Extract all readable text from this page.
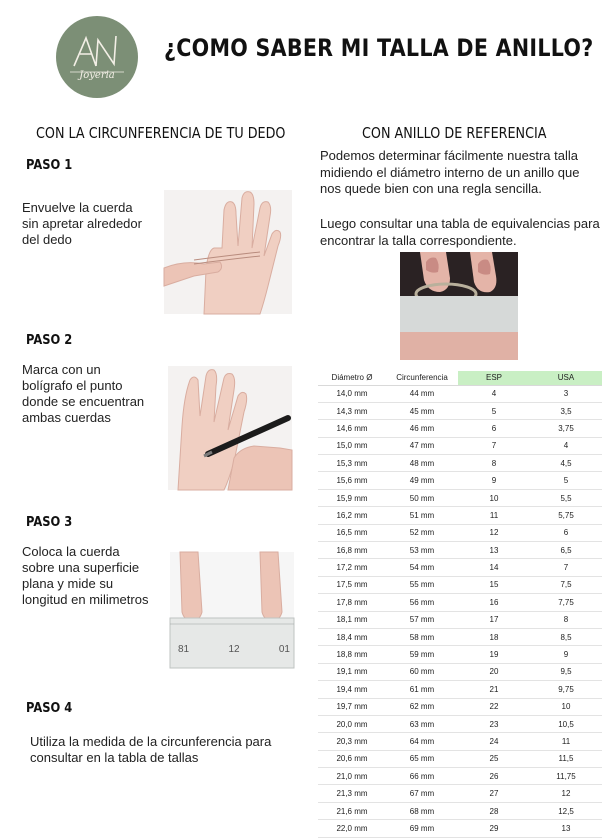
Joyeria
¿COMO SABER MI TALLA DE ANILLO?
CON LA CIRCUNFERENCIA DE TU DEDO	CON ANILLO DE REFERENCIA
PASO 1
Envuelve la cuerda sin apretar alrededor del dedo
PASO 2
Marca con un bolígrafo el punto donde se encuentran ambas cuerdas
PASO 3
Coloca la cuerda sobre una superficie plana y mide su longitud en milimetros
PASO 4
Utiliza la medida de la circunferencia para consultar en la tabla de tallas
81	12	01
Podemos determinar fácilmente nuestra talla midiendo el diámetro interno de un anillo que nos quede bien con una regla sencilla.
Luego consultar una tabla de equivalencias para encontrar la talla correspondiente.
Diámetro Ø	Circunferencia	ESP	USA
14,0 mm	44 mm	4	3
14,3 mm	45 mm	5	3,5
14,6 mm	46 mm	6	3,75
15,0 mm	47 mm	7	4
15,3 mm	48 mm	8	4,5
15,6 mm	49 mm	9	5
15,9 mm	50 mm	10	5,5
16,2 mm	51 mm	11	5,75
16,5 mm	52 mm	12	6
16,8 mm	53 mm	13	6,5
17,2 mm	54 mm	14	7
17,5 mm	55 mm	15	7,5
17,8 mm	56 mm	16	7,75
18,1 mm	57 mm	17	8
18,4 mm	58 mm	18	8,5
18,8 mm	59 mm	19	9
19,1 mm	60 mm	20	9,5
19,4 mm	61 mm	21	9,75
19,7 mm	62 mm	22	10
20,0 mm	63 mm	23	10,5
20,3 mm	64 mm	24	11
20,6 mm	65 mm	25	11,5
21,0 mm	66 mm	26	11,75
21,3 mm	67 mm	27	12
21,6 mm	68 mm	28	12,5
22,0 mm	69 mm	29	13
